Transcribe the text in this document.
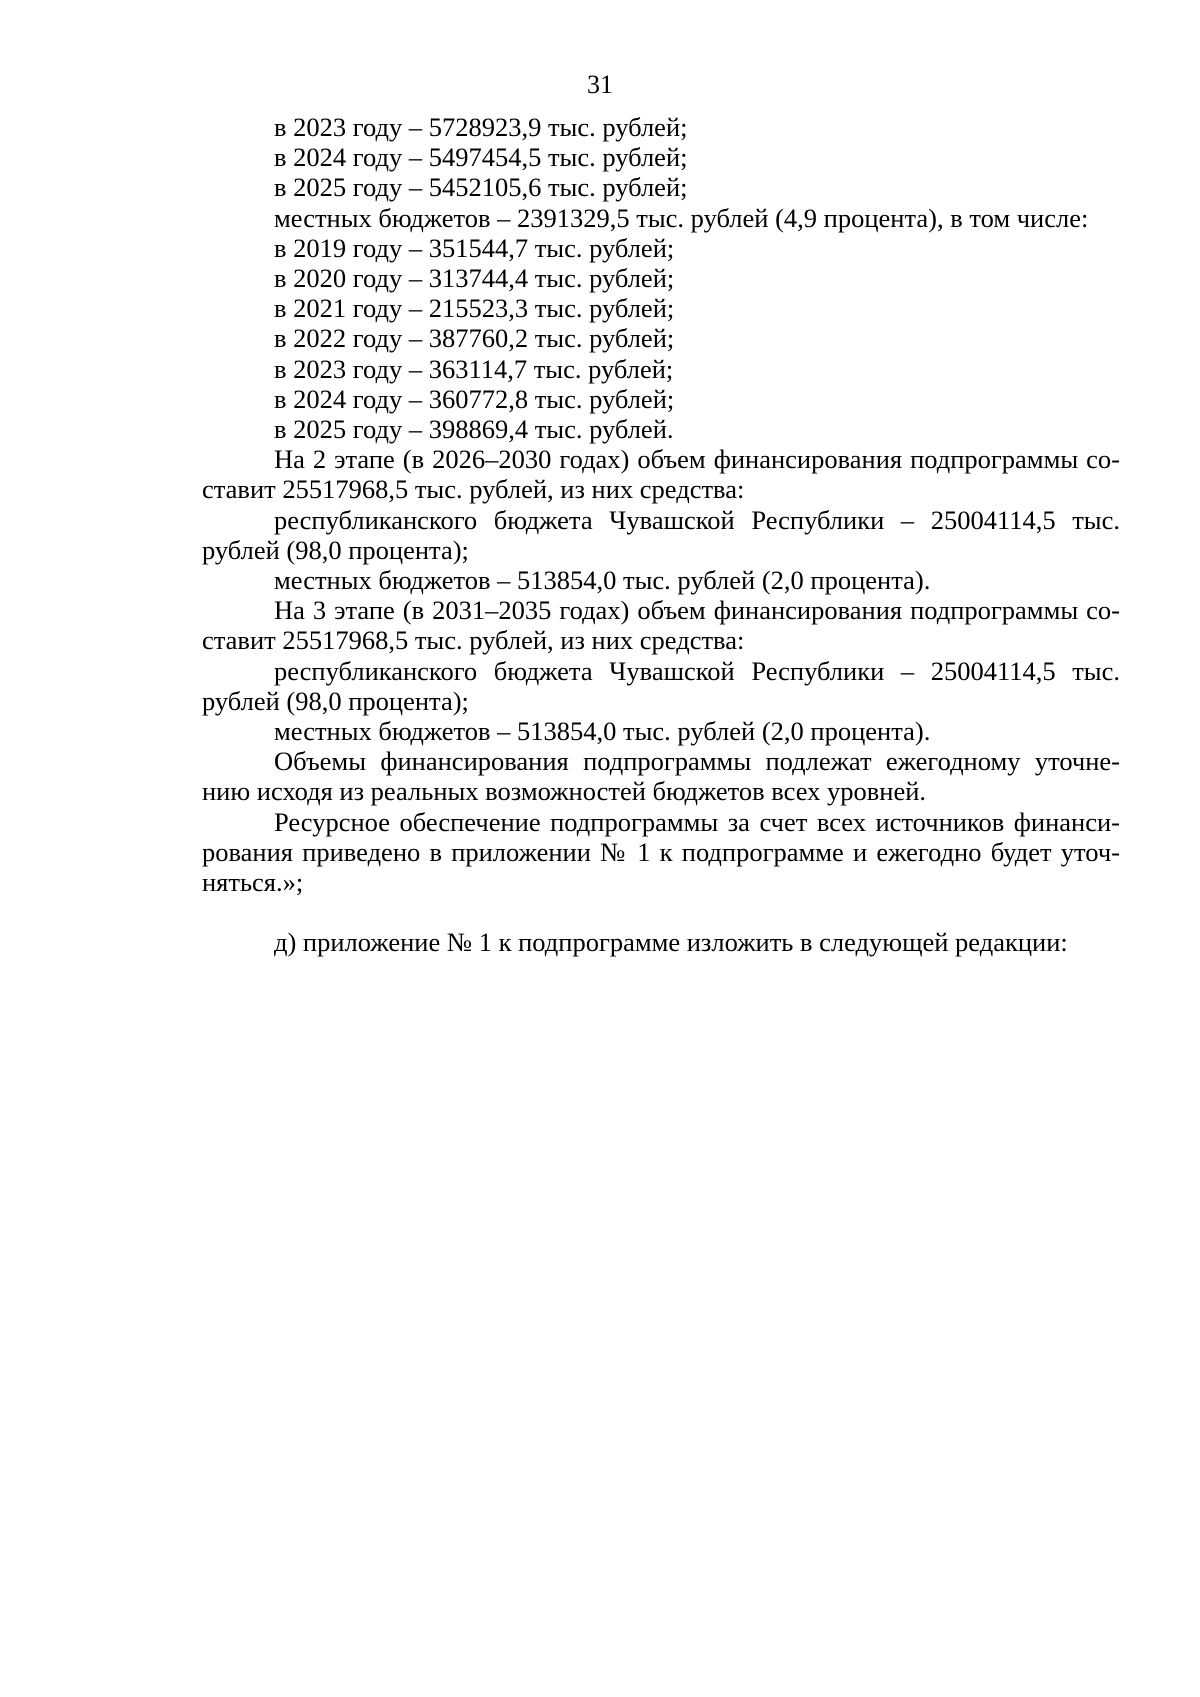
31

в 2023 году – 5728923,9 тыс. рублей;

в 2024 году – 5497454,5 тыс. рублей;

в 2025 году – 5452105,6 тыс. рублей;

местных бюджетов – 2391329,5 тыс. рублей (4,9 процента), в том числе:

в 2019 году – 351544,7 тыс. рублей;

в 2020 году – 313744,4 тыс. рублей;

в 2021 году – 215523,3 тыс. рублей;

в 2022 году – 387760,2 тыс. рублей;

в 2023 году – 363114,7 тыс. рублей;

в 2024 году – 360772,8 тыс. рублей;

в 2025 году – 398869,4 тыс. рублей.

На 2 этапе (в 2026–2030 годах) объем финансирования подпрограммы составит 25517968,5 тыс. рублей, из них средства:

республиканского бюджета Чувашской Республики – 25004114,5 тыс. рублей (98,0 процента);

местных бюджетов – 513854,0 тыс. рублей (2,0 процента).

На 3 этапе (в 2031–2035 годах) объем финансирования подпрограммы составит 25517968,5 тыс. рублей, из них средства:

республиканского бюджета Чувашской Республики – 25004114,5 тыс. рублей (98,0 процента);

местных бюджетов – 513854,0 тыс. рублей (2,0 процента).

Объемы финансирования подпрограммы подлежат ежегодному уточнению исходя из реальных возможностей бюджетов всех уровней.

Ресурсное обеспечение подпрограммы за счет всех источников финансирования приведено в приложении № 1 к подпрограмме и ежегодно будет уточняться.»;

д) приложение № 1 к подпрограмме изложить в следующей редакции:
